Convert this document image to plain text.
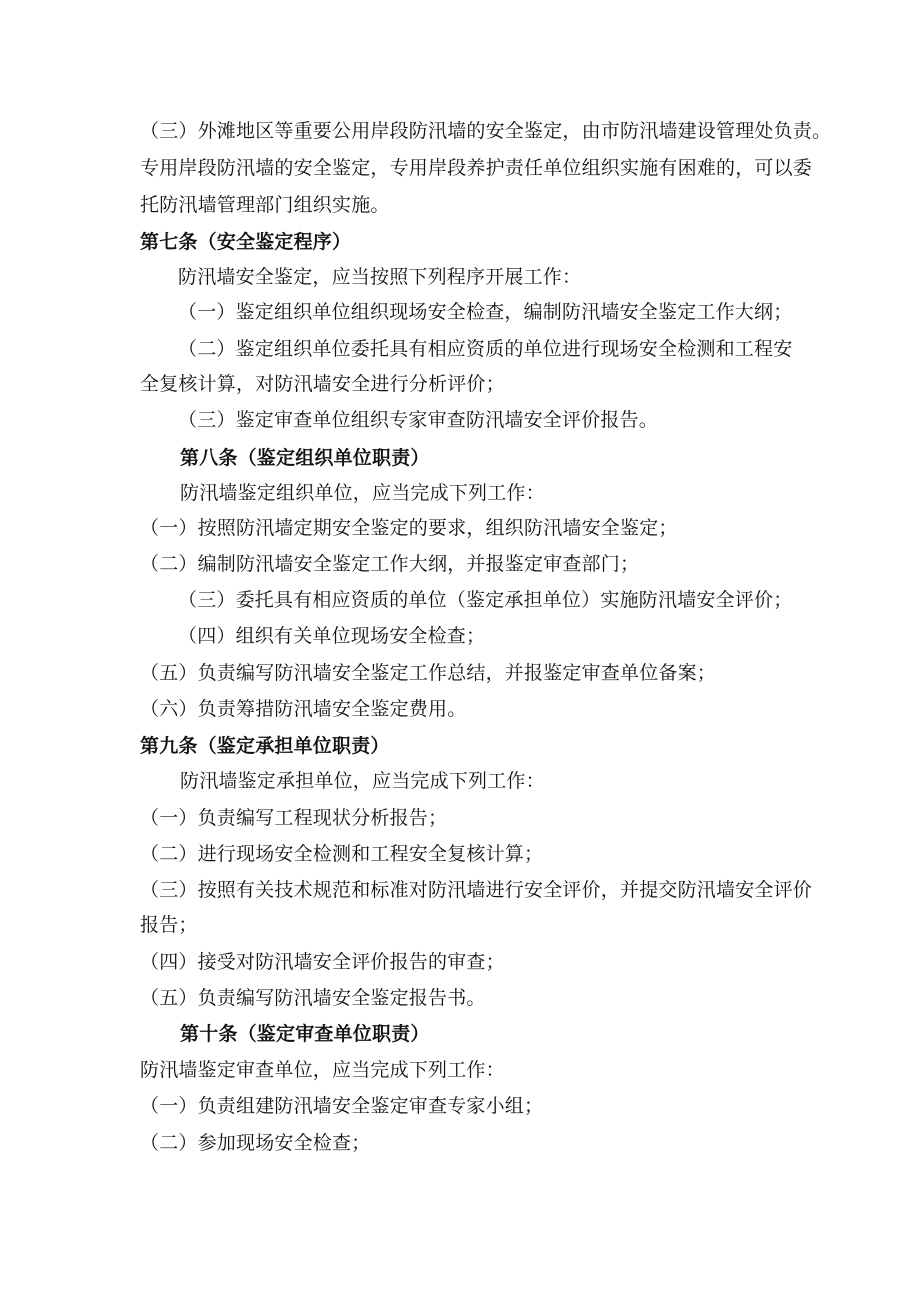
（三）外滩地区等重要公用岸段防汛墙的安全鉴定，由市防汛墙建设管理处负责。
专用岸段防汛墙的安全鉴定，专用岸段养护责任单位组织实施有困难的，可以委
托防汛墙管理部门组织实施。
第七条（安全鉴定程序）
防汛墙安全鉴定，应当按照下列程序开展工作：
（一）鉴定组织单位组织现场安全检查，编制防汛墙安全鉴定工作大纲；
（二）鉴定组织单位委托具有相应资质的单位进行现场安全检测和工程安
全复核计算，对防汛墙安全进行分析评价；
（三）鉴定审查单位组织专家审查防汛墙安全评价报告。
第八条（鉴定组织单位职责）
防汛墙鉴定组织单位，应当完成下列工作：
（一）按照防汛墙定期安全鉴定的要求，组织防汛墙安全鉴定；
（二）编制防汛墙安全鉴定工作大纲，并报鉴定审查部门；
（三）委托具有相应资质的单位（鉴定承担单位）实施防汛墙安全评价；
（四）组织有关单位现场安全检查；
（五）负责编写防汛墙安全鉴定工作总结，并报鉴定审查单位备案；
（六）负责筹措防汛墙安全鉴定费用。
第九条（鉴定承担单位职责）
防汛墙鉴定承担单位，应当完成下列工作：
（一）负责编写工程现状分析报告；
（二）进行现场安全检测和工程安全复核计算；
（三）按照有关技术规范和标准对防汛墙进行安全评价，并提交防汛墙安全评价
报告；
（四）接受对防汛墙安全评价报告的审查；
（五）负责编写防汛墙安全鉴定报告书。
第十条（鉴定审查单位职责）
防汛墙鉴定审查单位，应当完成下列工作：
（一）负责组建防汛墙安全鉴定审查专家小组；
（二）参加现场安全检查；
